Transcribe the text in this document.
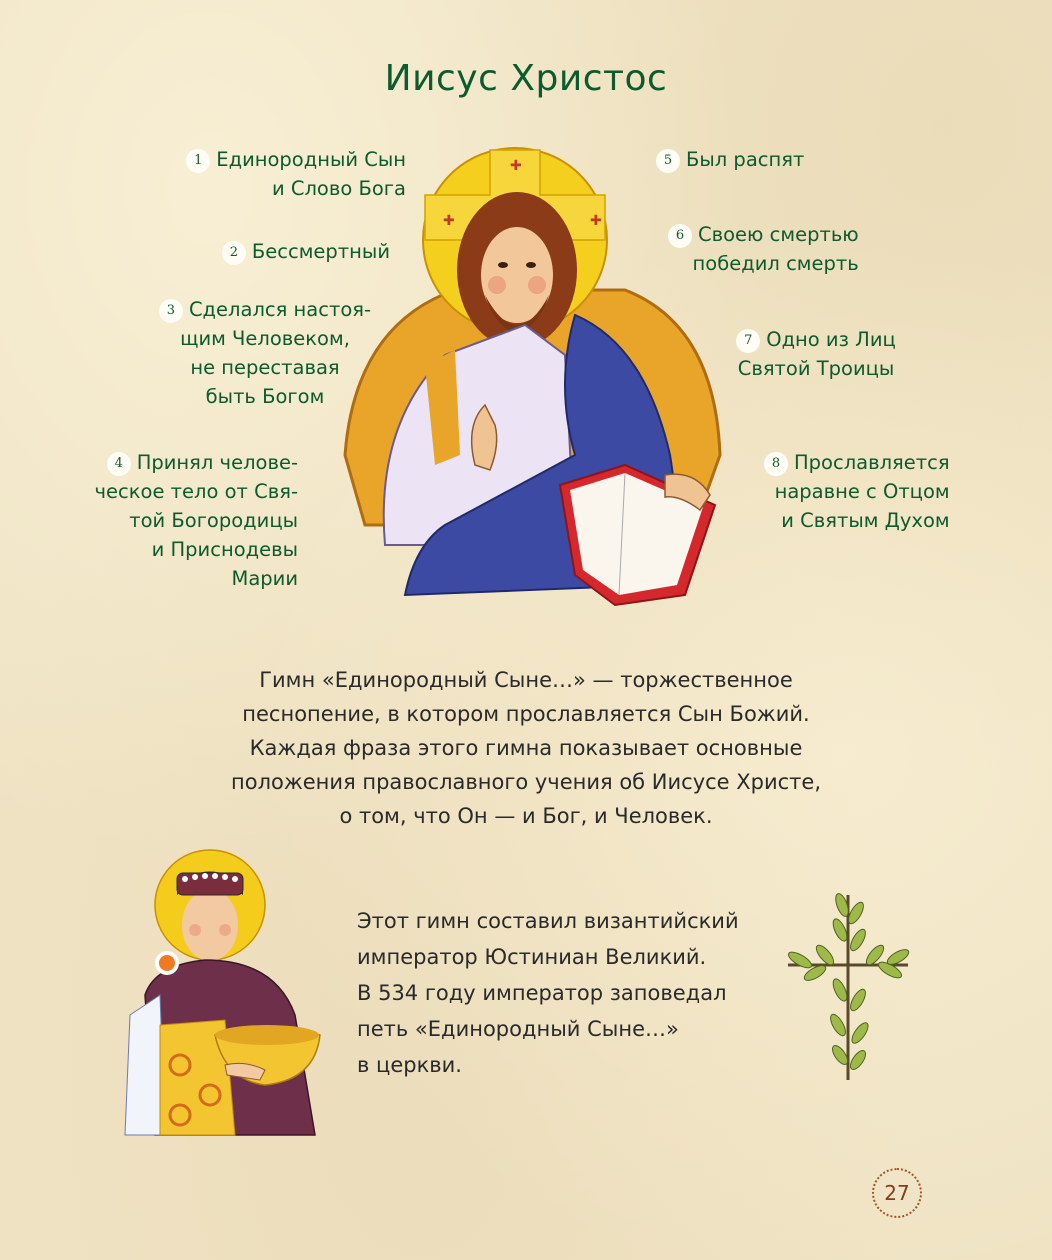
Иисус Христос
1 Единородный Сын
и Слово Бога
2 Бессмертный
3 Сделался настоя-
щим Человеком,
не переставая
быть Богом
4 Принял челове-
ческое тело от Свя-
той Богородицы
и Приснодевы
Марии
5 Был распят
6 Своею смертью
победил смерть
7 Одно из Лиц
Святой Троицы
8 Прославляется
наравне с Отцом
и Святым Духом
✚
✚	✚
Гимн «Единородный Сыне…» — торжественное
песнопение, в котором прославляется Сын Божий.
Каждая фраза этого гимна показывает основные
положения православного учения об Иисусе Христе,
о том, что Он — и Бог, и Человек.
Этот гимн составил византийский
император Юстиниан Великий.
В 534 году император заповедал
петь «Единородный Сыне…»
в церкви.
27
